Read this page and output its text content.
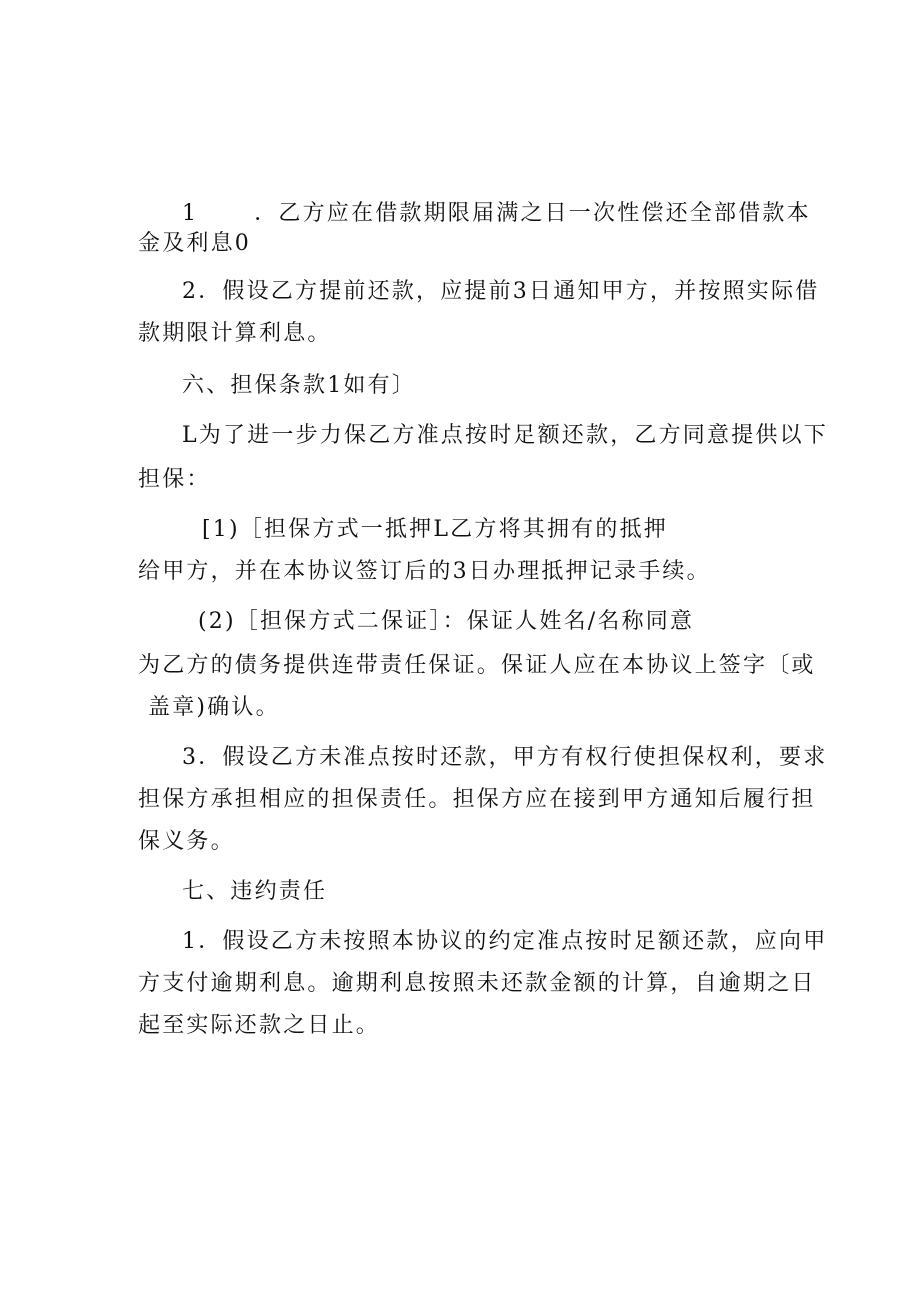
1	．乙方应在借款期限届满之日一次性偿还全部借款本
金及利息0
2．假设乙方提前还款，应提前3日通知甲方，并按照实际借
款期限计算利息。
六、担保条款1如有〕
L为了进一步力保乙方准点按时足额还款，乙方同意提供以下
担保：
[1)［担保方式一抵押L乙方将其拥有的抵押
给甲方，并在本协议签订后的3日办理抵押记录手续。
(2)［担保方式二保证］：保证人姓名/名称同意
为乙方的债务提供连带责任保证。保证人应在本协议上签字〔或
盖章)确认。
3．假设乙方未准点按时还款，甲方有权行使担保权利，要求
担保方承担相应的担保责任。担保方应在接到甲方通知后履行担
保义务。
七、违约责任
1．假设乙方未按照本协议的约定准点按时足额还款，应向甲
方支付逾期利息。逾期利息按照未还款金额的计算，自逾期之日
起至实际还款之日止。
